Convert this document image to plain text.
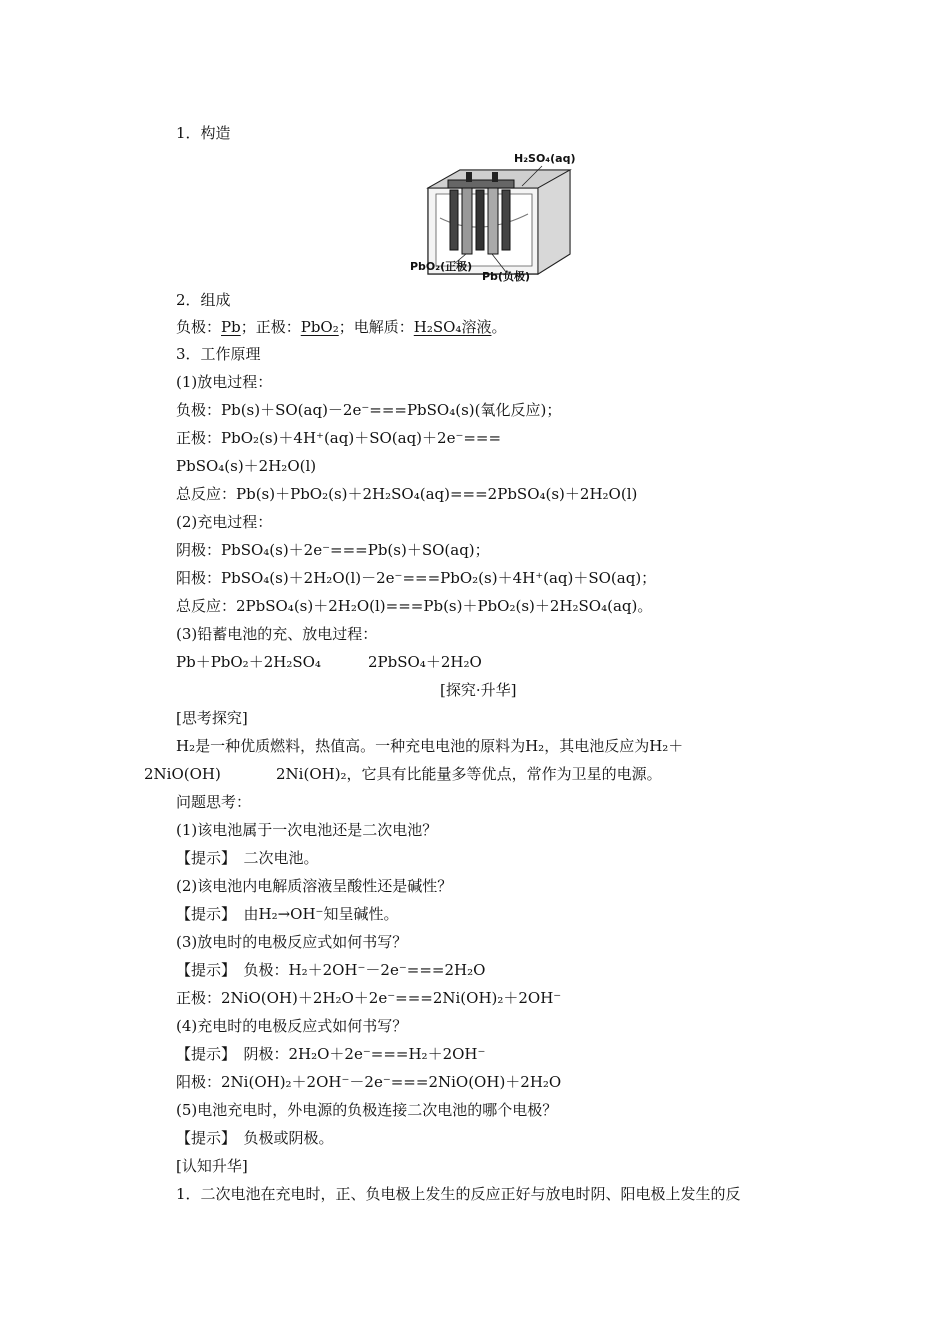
1．构造
H₂SO₄(aq)
PbO₂(正极)
Pb(负极)
2．组成
负极：Pb；正极：PbO₂；电解质：H₂SO₄溶液。
3．工作原理
(1)放电过程：
负极：Pb(s)＋SO(aq)－2e⁻===PbSO₄(s)(氧化反应)；
正极：PbO₂(s)＋4H⁺(aq)＋SO(aq)＋2e⁻===
PbSO₄(s)＋2H₂O(l)
总反应：Pb(s)＋PbO₂(s)＋2H₂SO₄(aq)===2PbSO₄(s)＋2H₂O(l)
(2)充电过程：
阴极：PbSO₄(s)＋2e⁻===Pb(s)＋SO(aq)；
阳极：PbSO₄(s)＋2H₂O(l)－2e⁻===PbO₂(s)＋4H⁺(aq)＋SO(aq)；
总反应：2PbSO₄(s)＋2H₂O(l)===Pb(s)＋PbO₂(s)＋2H₂SO₄(aq)。
(3)铅蓄电池的充、放电过程：
Pb＋PbO₂＋2H₂SO₄	2PbSO₄＋2H₂O
[探究·升华]
[思考探究]
H₂是一种优质燃料，热值高。一种充电电池的原料为H₂，其电池反应为H₂＋
2NiO(OH)	2Ni(OH)₂，它具有比能量多等优点，常作为卫星的电源。
问题思考：
(1)该电池属于一次电池还是二次电池？
【提示】　二次电池。
(2)该电池内电解质溶液呈酸性还是碱性？
【提示】　由H₂→OH⁻知呈碱性。
(3)放电时的电极反应式如何书写？
【提示】　负极：H₂＋2OH⁻－2e⁻===2H₂O
正极：2NiO(OH)＋2H₂O＋2e⁻===2Ni(OH)₂＋2OH⁻
(4)充电时的电极反应式如何书写？
【提示】　阴极：2H₂O＋2e⁻===H₂＋2OH⁻
阳极：2Ni(OH)₂＋2OH⁻－2e⁻===2NiO(OH)＋2H₂O
(5)电池充电时，外电源的负极连接二次电池的哪个电极？
【提示】　负极或阴极。
[认知升华]
1．二次电池在充电时，正、负电极上发生的反应正好与放电时阴、阳电极上发生的反
